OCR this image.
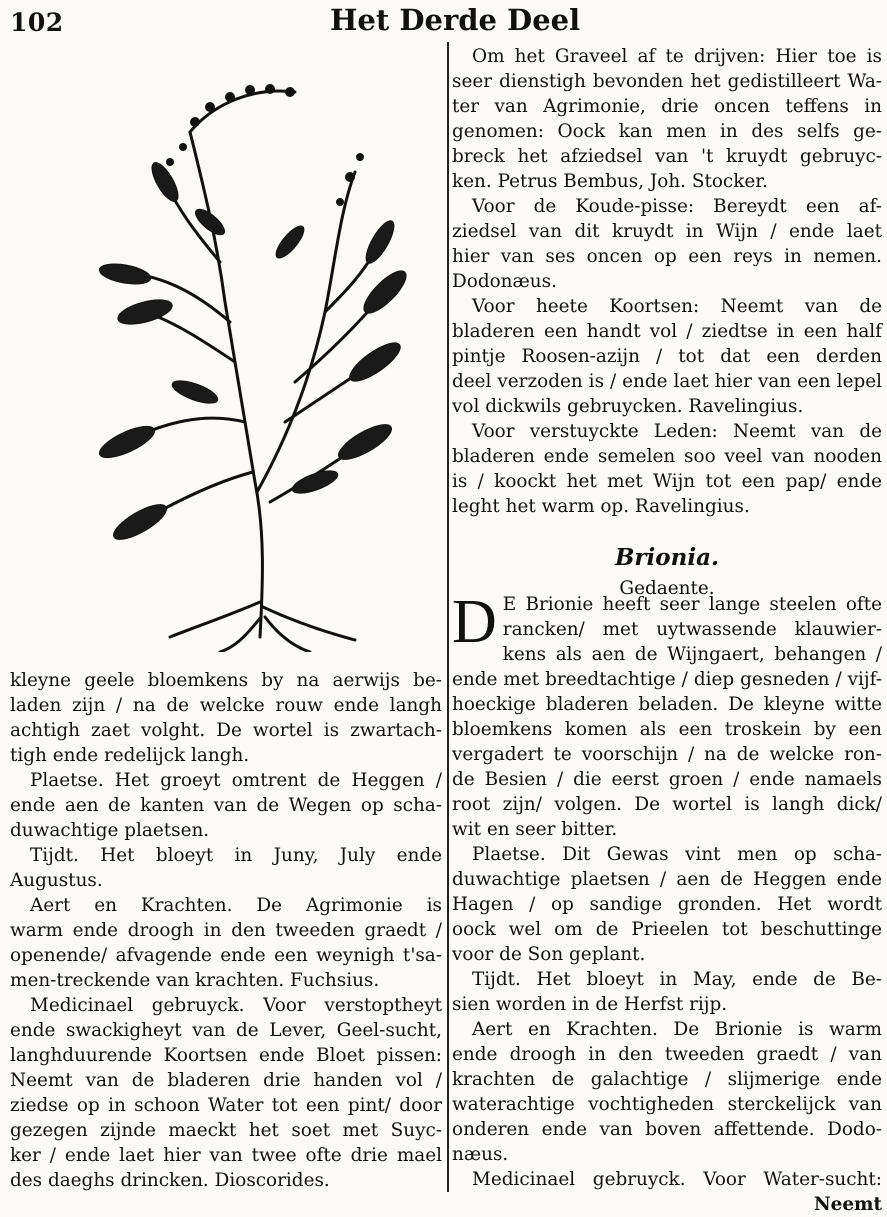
102	Het Derde Deel

kleyne geele bloemkens by na aerwijs be-

laden zijn / na de welcke rouw ende langh

achtigh zaet volght. De wortel is zwartach-

tigh ende redelijck langh.

Plaetse. Het groeyt omtrent de Heggen /

ende aen de kanten van de Wegen op scha-

duwachtige plaetsen.

Tijdt. Het bloeyt in Juny, July ende

Augustus.

Aert en Krachten. De Agrimonie is

warm ende droogh in den tweeden graedt /

openende/ afvagende ende een weynigh t'sa-

men-treckende van krachten. Fuchsius.

Medicinael gebruyck. Voor verstoptheyt

ende swackigheyt van de Lever, Geel-sucht,

langhduurende Koortsen ende Bloet pissen:

Neemt van de bladeren drie handen vol /

ziedse op in schoon Water tot een pint/ door

gezegen zijnde maeckt het soet met Suyc-

ker / ende laet hier van twee ofte drie mael

des daeghs drincken. Dioscorides.

Om het Graveel af te drijven: Hier toe is

seer dienstigh bevonden het gedistilleert Wa-

ter van Agrimonie, drie oncen teffens in

genomen: Oock kan men in des selfs ge-

breck het afziedsel van 't kruydt gebruyc-

ken. Petrus Bembus, Joh. Stocker.

Voor de Koude-pisse: Bereydt een af-

ziedsel van dit kruydt in Wijn / ende laet

hier van ses oncen op een reys in nemen.

Dodonæus.

Voor heete Koortsen: Neemt van de

bladeren een handt vol / ziedtse in een half

pintje Roosen-azijn / tot dat een derden

deel verzoden is / ende laet hier van een lepel

vol dickwils gebruycken. Ravelingius.

Voor verstuyckte Leden: Neemt van de

bladeren ende semelen soo veel van nooden

is / koockt het met Wijn tot een pap/ ende

leght het warm op. Ravelingius.

Brionia.

Gedaente.

D E Brionie heeft seer lange steelen ofte

rancken/ met uytwassende klauwier-

kens als aen de Wijngaert, behangen /

ende met breedtachtige / diep gesneden / vijf-

hoeckige bladeren beladen. De kleyne witte

bloemkens komen als een troskein by een

vergadert te voorschijn / na de welcke ron-

de Besien / die eerst groen / ende namaels

root zijn/ volgen. De wortel is langh dick/

wit en seer bitter.

Plaetse. Dit Gewas vint men op scha-

duwachtige plaetsen / aen de Heggen ende

Hagen / op sandige gronden. Het wordt

oock wel om de Prieelen tot beschuttinge

voor de Son geplant.

Tijdt. Het bloeyt in May, ende de Be-

sien worden in de Herfst rijp.

Aert en Krachten. De Brionie is warm

ende droogh in den tweeden graedt / van

krachten de galachtige / slijmerige ende

waterachtige vochtigheden sterckelijck van

onderen ende van boven affettende. Dodo-

næus.

Medicinael gebruyck. Voor Water-sucht:

Neemt
